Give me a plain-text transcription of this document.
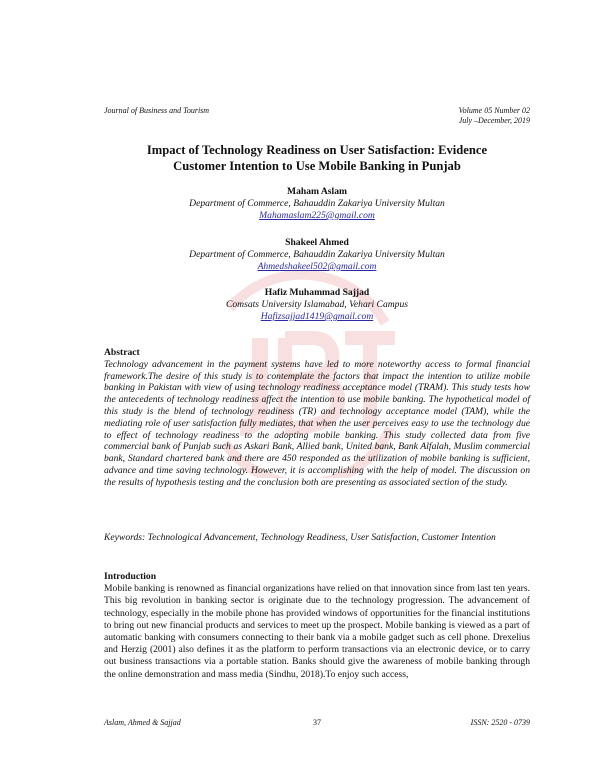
Journal of Business and Tourism	Volume 05 Number 02
July –December, 2019
Impact of Technology Readiness on User Satisfaction: Evidence
Customer Intention to Use Mobile Banking in Punjab
Maham Aslam
Department of Commerce, Bahauddin Zakariya University Multan
Mahamaslam225@gmail.com
Shakeel Ahmed
Department of Commerce, Bahauddin Zakariya University Multan
Ahmedshakeel502@gmail.com
Hafiz Muhammad Sajjad
Comsats University Islamabad, Vehari Campus
Hafizsajjad1419@gmail.com
Abstract
Technology advancement in the payment systems have led to more noteworthy access to formal financial framework.The desire of this study is to contemplate the factors that impact the intention to utilize mobile banking in Pakistan with view of using technology readiness acceptance model (TRAM). This study tests how the antecedents of technology readiness affect the intention to use mobile banking. The hypothetical model of this study is the blend of technology readiness (TR) and technology acceptance model (TAM), while the mediating role of user satisfaction fully mediates, that when the user perceives easy to use the technology due to effect of technology readiness to the adopting mobile banking. This study collected data from five commercial bank of Punjab such as Askari Bank, Allied bank, United bank, Bank Alfalah, Muslim commercial bank, Standard chartered bank and there are 450 responded as the utilization of mobile banking is sufficient, advance and time saving technology. However, it is accomplishing with the help of model. The discussion on the results of hypothesis testing and the conclusion both are presenting as associated section of the study.
Keywords: Technological Advancement, Technology Readiness, User Satisfaction, Customer Intention
Introduction
Mobile banking is renowned as financial organizations have relied on that innovation since from last ten years. This big revolution in banking sector is originate due to the technology progression. The advancement of technology, especially in the mobile phone has provided windows of opportunities for the financial institutions to bring out new financial products and services to meet up the prospect. Mobile banking is viewed as a part of automatic banking with consumers connecting to their bank via a mobile gadget such as cell phone. Drexelius and Herzig (2001) also defines it as the platform to perform transactions via an electronic device, or to carry out business transactions via a portable station. Banks should give the awareness of mobile banking through the online demonstration and mass media (Sindhu, 2018).To enjoy such access,
Aslam, Ahmed & Sajjad	37	ISSN: 2520 - 0739
